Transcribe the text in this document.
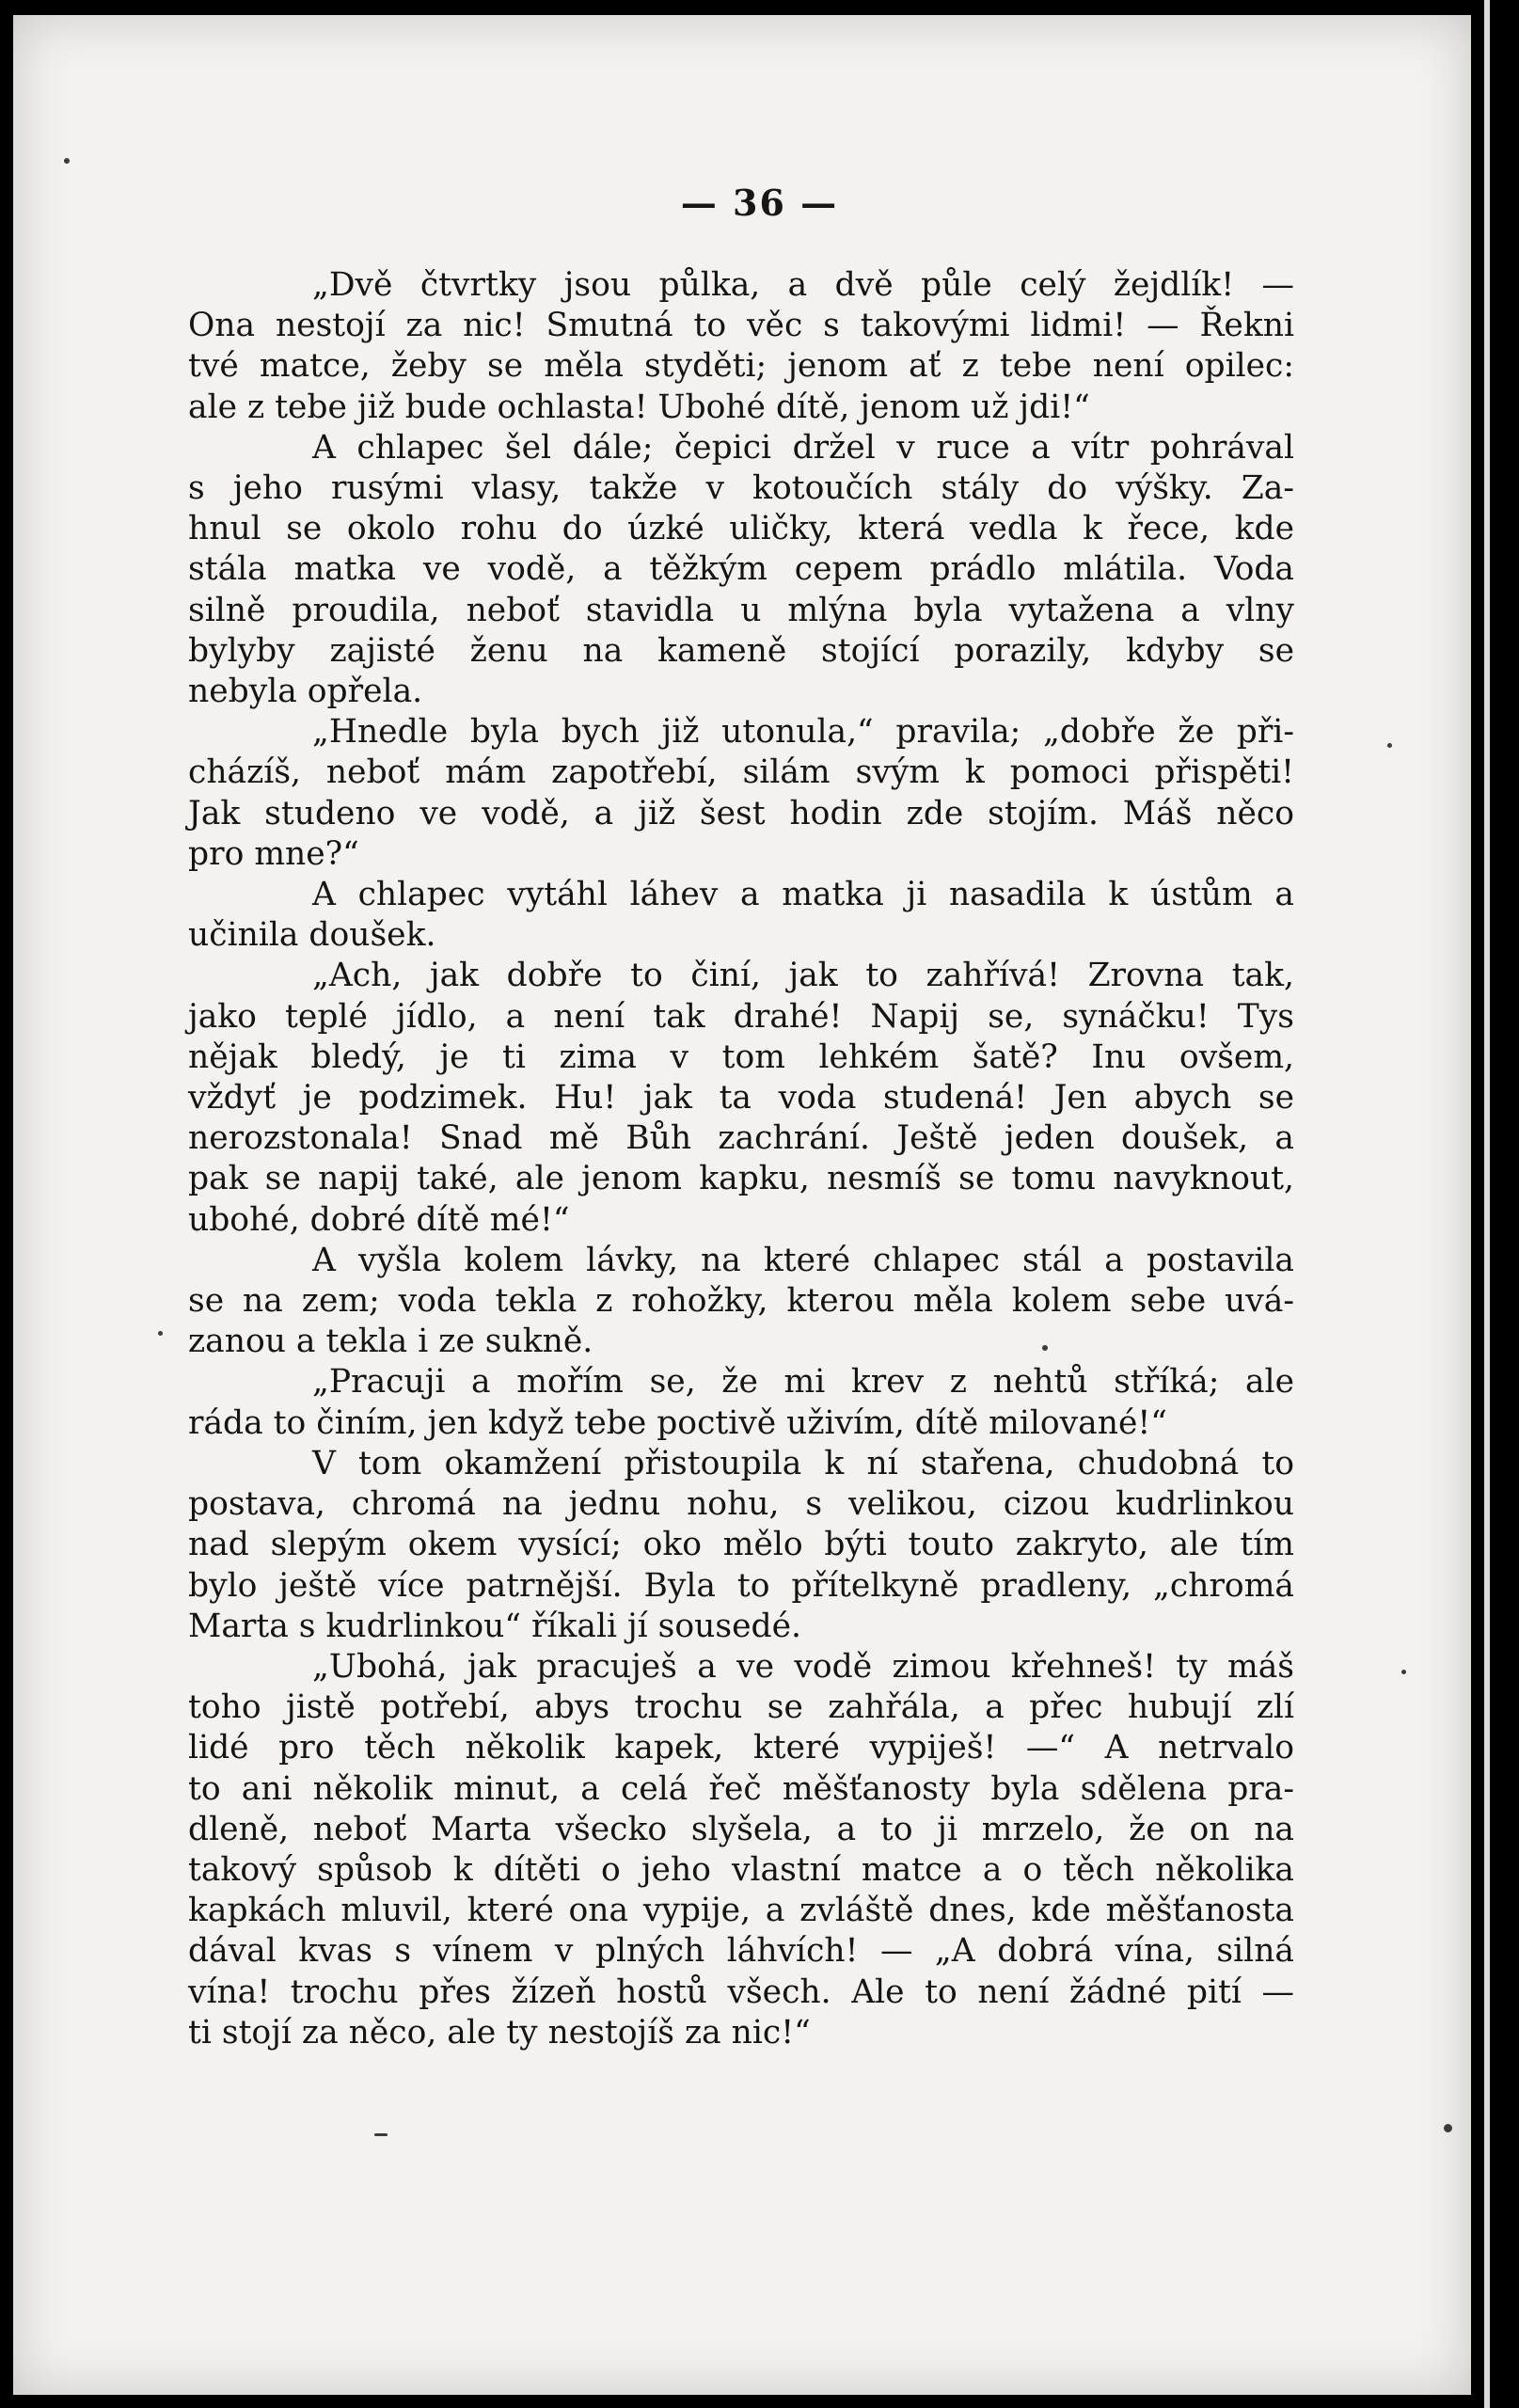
— 36 —

„Dvě čtvrtky jsou půlka, a dvě půle celý žejdlík! —

Ona nestojí za nic! Smutná to věc s takovými lidmi! — Řekni

tvé matce, žeby se měla styděti; jenom ať z tebe není opilec:

ale z tebe již bude ochlasta! Ubohé dítě, jenom už jdi!“

A chlapec šel dále; čepici držel v ruce a vítr pohrával

s jeho rusými vlasy, takže v kotoučích stály do výšky. Za-

hnul se okolo rohu do úzké uličky, která vedla k řece, kde

stála matka ve vodě, a těžkým cepem prádlo mlátila. Voda

silně proudila, neboť stavidla u mlýna byla vytažena a vlny

bylyby zajisté ženu na kameně stojící porazily, kdyby se

nebyla opřela.

„Hnedle byla bych již utonula,“ pravila; „dobře že při-

cházíš, neboť mám zapotřebí, silám svým k pomoci přispěti!

Jak studeno ve vodě, a již šest hodin zde stojím. Máš něco

pro mne?“

A chlapec vytáhl láhev a matka ji nasadila k ústům a

učinila doušek.

„Ach, jak dobře to činí, jak to zahřívá! Zrovna tak,

jako teplé jídlo, a není tak drahé! Napij se, synáčku! Tys

nějak bledý, je ti zima v tom lehkém šatě? Inu ovšem,

vždyť je podzimek. Hu! jak ta voda studená! Jen abych se

nerozstonala! Snad mě Bůh zachrání. Ještě jeden doušek, a

pak se napij také, ale jenom kapku, nesmíš se tomu navyknout,

ubohé, dobré dítě mé!“

A vyšla kolem lávky, na které chlapec stál a postavila

se na zem; voda tekla z rohožky, kterou měla kolem sebe uvá-

zanou a tekla i ze sukně.

„Pracuji a mořím se, že mi krev z nehtů stříká; ale

ráda to činím, jen když tebe poctivě uživím, dítě milované!“

V tom okamžení přistoupila k ní stařena, chudobná to

postava, chromá na jednu nohu, s velikou, cizou kudrlinkou

nad slepým okem vysící; oko mělo býti touto zakryto, ale tím

bylo ještě více patrnější. Byla to přítelkyně pradleny, „chromá

Marta s kudrlinkou“ říkali jí sousedé.

„Ubohá, jak pracuješ a ve vodě zimou křehneš! ty máš

toho jistě potřebí, abys trochu se zahřála, a přec hubují zlí

lidé pro těch několik kapek, které vypiješ! —“ A netrvalo

to ani několik minut, a celá řeč měšťanosty byla sdělena pra-

dleně, neboť Marta všecko slyšela, a to ji mrzelo, že on na

takový spůsob k dítěti o jeho vlastní matce a o těch několika

kapkách mluvil, které ona vypije, a zvláště dnes, kde měšťanosta

dával kvas s vínem v plných láhvích! — „A dobrá vína, silná

vína! trochu přes žízeň hostů všech. Ale to není žádné pití —

ti stojí za něco, ale ty nestojíš za nic!“
